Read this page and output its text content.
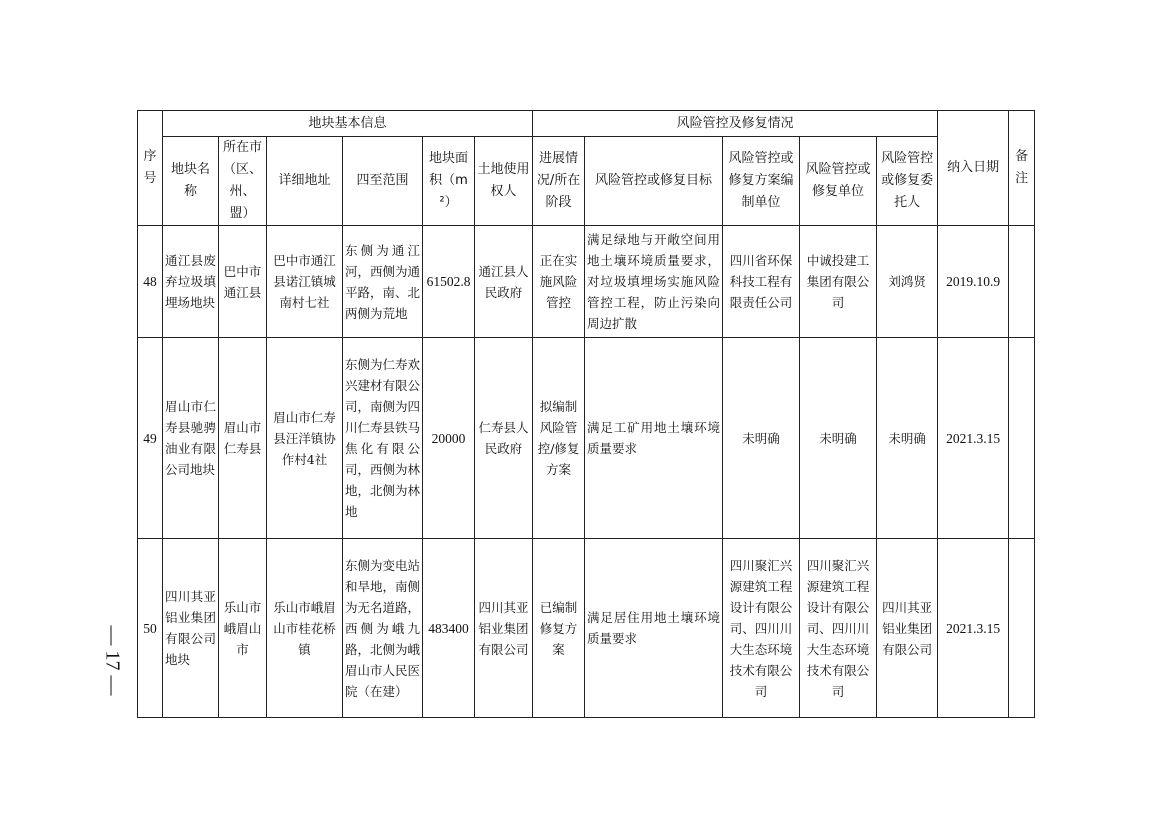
序号	地块基本信息						风险管控及修复情况					纳入日期	备注
	地块名称	所在市（区、州、盟）	详细地址	四至范围	地块面积（m²）	土地使用权人	进展情况/所在阶段	风险管控或修复目标	风险管控或修复方案编制单位	风险管控或修复单位	风险管控或修复委托人		
48	通江县废弃垃圾填埋场地块	巴中市通江县	巴中市通江县诺江镇城南村七社	东侧为通江河，西侧为通平路，南、北两侧为荒地	61502.8	通江县人民政府	正在实施风险管控	满足绿地与开敞空间用地土壤环境质量要求，对垃圾填埋场实施风险管控工程，防止污染向周边扩散	四川省环保科技工程有限责任公司	中诚投建工集团有限公司	刘鸿贤	2019.10.9	
49	眉山市仁寿县驰骋油业有限公司地块	眉山市仁寿县	眉山市仁寿县汪洋镇协作村4社	东侧为仁寿欢兴建材有限公司，南侧为四川仁寿县铁马焦化有限公司，西侧为林地，北侧为林地	20000	仁寿县人民政府	拟编制风险管控/修复方案	满足工矿用地土壤环境质量要求	未明确	未明确	未明确	2021.3.15	
50	四川其亚铝业集团有限公司地块	乐山市峨眉山市	乐山市峨眉山市桂花桥镇	东侧为变电站和旱地，南侧为无名道路，西侧为峨九路，北侧为峨眉山市人民医院（在建）	483400	四川其亚铝业集团有限公司	已编制修复方案	满足居住用地土壤环境质量要求	四川聚汇兴源建筑工程设计有限公司、四川川大生态环境技术有限公司	四川聚汇兴源建筑工程设计有限公司、四川川大生态环境技术有限公司	四川其亚铝业集团有限公司	2021.3.15	
— 17 —
